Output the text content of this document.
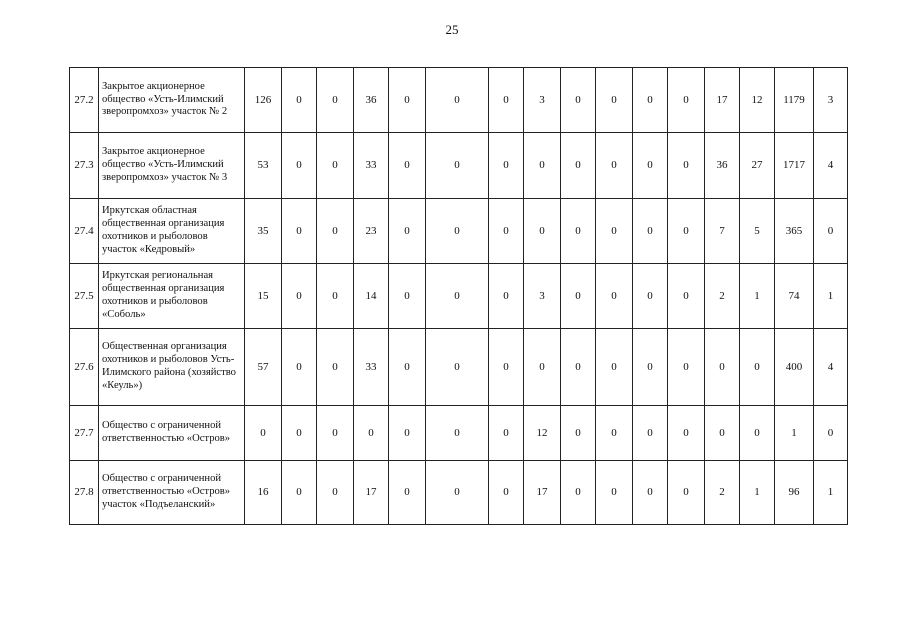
25
27.2	Закрытое акционерное общество «Усть-Илимский зверопромхоз» участок № 2	126	0	0	36	0	0	0	3	0	0	0	0	17	12	1179	3
27.3	Закрытое акционерное общество «Усть-Илимский зверопромхоз» участок № 3	53	0	0	33	0	0	0	0	0	0	0	0	36	27	1717	4
27.4	Иркутская областная общественная организация охотников и рыболовов участок «Кедровый»	35	0	0	23	0	0	0	0	0	0	0	0	7	5	365	0
27.5	Иркутская региональная общественная организация охотников и рыболовов «Соболь»	15	0	0	14	0	0	0	3	0	0	0	0	2	1	74	1
27.6	Общественная организация охотников и рыболовов Усть-Илимского района (хозяйство «Кеуль»)	57	0	0	33	0	0	0	0	0	0	0	0	0	0	400	4
27.7	Общество с ограниченной ответственностью «Остров»	0	0	0	0	0	0	0	12	0	0	0	0	0	0	1	0
27.8	Общество с ограниченной ответственностью «Остров» участок «Подъеланский»	16	0	0	17	0	0	0	17	0	0	0	0	2	1	96	1
